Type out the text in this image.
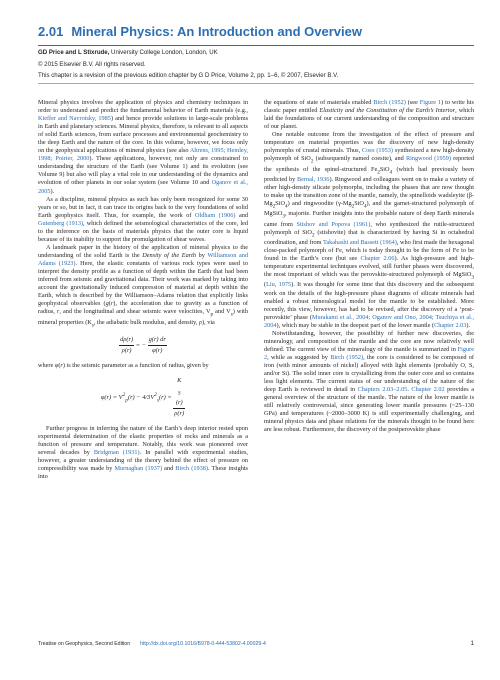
2.01 Mineral Physics: An Introduction and Overview
GD Price and L Stixrude, University College London, London, UK
© 2015 Elsevier B.V. All rights reserved.
This chapter is a revision of the previous edition chapter by G D Price, Volume 2, pp. 1–6, © 2007, Elsevier B.V.

Mineral physics involves the application of physics and chemistry techniques in order to understand and predict the fundamental behavior of Earth materials (e.g., Kieffer and Navrotsky, 1985) and hence provide solutions to large-scale problems in Earth and planetary sciences. Mineral physics, therefore, is relevant to all aspects of solid Earth sciences, from surface processes and environmental geochemistry to the deep Earth and the nature of the core. In this volume, however, we focus only on the geophysical applications of mineral physics (see also Ahrens, 1995; Hemley, 1998; Poirier, 2000). These applications, however, not only are constrained to understanding the structure of the Earth (see Volume 1) and its evolution (see Volume 9) but also will play a vital role in our understanding of the dynamics and evolution of other planets in our solar system (see Volume 10 and Oganov et al., 2005).

As a discipline, mineral physics as such has only been recognized for some 30 years or so, but in fact, it can trace its origins back to the very foundations of solid Earth geophysics itself. Thus, for example, the work of Oldham (1906) and Gutenberg (1913), which defined the seismological characteristics of the core, led to the inference on the basis of materials physics that the outer core is liquid because of its inability to support the promulgation of shear waves.

A landmark paper in the history of the application of mineral physics to the understanding of the solid Earth is the Density of the Earth by Williamson and Adams (1923). Here, the elastic constants of various rock types were used to interpret the density profile as a function of depth within the Earth that had been inferred from seismic and gravitational data. Their work was marked by taking into account the gravitationally induced compression of material at depth within the Earth, which is described by the Williamson–Adams relation that explicitly links geophysical observables (g(r), the acceleration due to gravity as a function of radius, r, and the longitudinal and shear seismic wave velocities, $V_p$ and $V_s$) with mineral properties ($K_s$, the adiabatic bulk modulus, and density, ρ), via

$\frac{d\rho(r)}{\rho(r)}$ = − $\frac{g(r) dr}{\varphi(r)}$

where φ(r) is the seismic parameter as a function of radius, given by

$\varphi(r) = V^2_p(r) - 4/3V^2_s(r) = K$
$_S$
(r)
ρ(r)

Further progress in inferring the nature of the Earth’s deep interior rested upon experimental determination of the elastic properties of rocks and minerals as a function of pressure and temperature. Notably, this work was pioneered over several decades by Bridgman (1931). In parallel with experimental studies, however, a greater understanding of the theory behind the effect of pressure on compressibility was made by Murnaghan (1937) and Birch (1938). These insights into

the equations of state of materials enabled Birch (1952) (see Figure 1) to write his classic paper entitled Elasticity and the Constitution of the Earth’s Interior, which laid the foundations of our current understanding of the composition and structure of our planet.

One notable outcome from the investigation of the effect of pressure and temperature on material properties was the discovery of new high-density polymorphs of crustal minerals. Thus, Coes (1953) synthesized a new high-density polymorph of SiO$_2$ (subsequently named coesite), and Ringwood (1959) reported the synthesis of the spinel-structured $Fe_2SiO_4$ (which had previously been predicted by Bernal, 1936). Ringwood and colleagues went on to make a variety of other high-density silicate polymorphs, including the phases that are now thought to make up the transition zone of the mantle, namely, the spinelloids wadsleyite $(\beta-Mg_2SiO_4)$ and ringwoodite $(\gamma-Mg_2SiO_4)$, and the garnet-structured polymorph of MgSiO$_3$, majorite. Further insights into the probable nature of deep Earth minerals came from Stishov and Popova (1961), who synthesized the rutile-structured polymorph of SiO$_2$ (stishovite) that is characterized by having Si in octahedral coordination, and from Takahashi and Bassett (1964), who first made the hexagonal close-packed polymorph of Fe, which is today thought to be the form of Fe to be found in the Earth’s core (but see Chapter 2.06). As high-pressure and high-temperature experimental techniques evolved, still further phases were discovered, the most important of which was the perovskite-structured polymorph of MgSiO$_3$ (Liu, 1975). It was thought for some time that this discovery and the subsequent work on the details of the high-pressure phase diagrams of silicate minerals had enabled a robust mineralogical model for the mantle to be established. More recently, this view, however, has had to be revised, after the discovery of a ‘post-perovskite’ phase (Murakami et al., 2004; Oganov and Ono, 2004; Tsuchiya et al., 2004), which may be stable in the deepest part of the lower mantle (Chapter 2.03).

Notwithstanding, however, the possibility of further new discoveries, the mineralogy, and composition of the mantle and the core are now relatively well defined. The current view of the mineralogy of the mantle is summarized in Figure 2, while as suggested by Birch (1952), the core is considered to be composed of iron (with minor amounts of nickel) alloyed with light elements (probably O, S, and/or Si). The solid inner core is crystallizing from the outer core and so contains less light elements. The current status of our understanding of the nature of the deep Earth is reviewed in detail in Chapters 2.03–2.05. Chapter 2.02 provides a general overview of the structure of the mantle. The nature of the lower mantle is still relatively controversial, since generating lower mantle pressures (~25–130 GPa) and temperatures (~2000–3000 K) is still experimentally challenging, and mineral physics data and phase relations for the minerals thought to be found here are less robust. Furthermore, the discovery of the postperovskite phase

Treatise on Geophysics, Second Edition http://dx.doi.org/10.1016/B978-0-444-53802-4.00029-4	1
